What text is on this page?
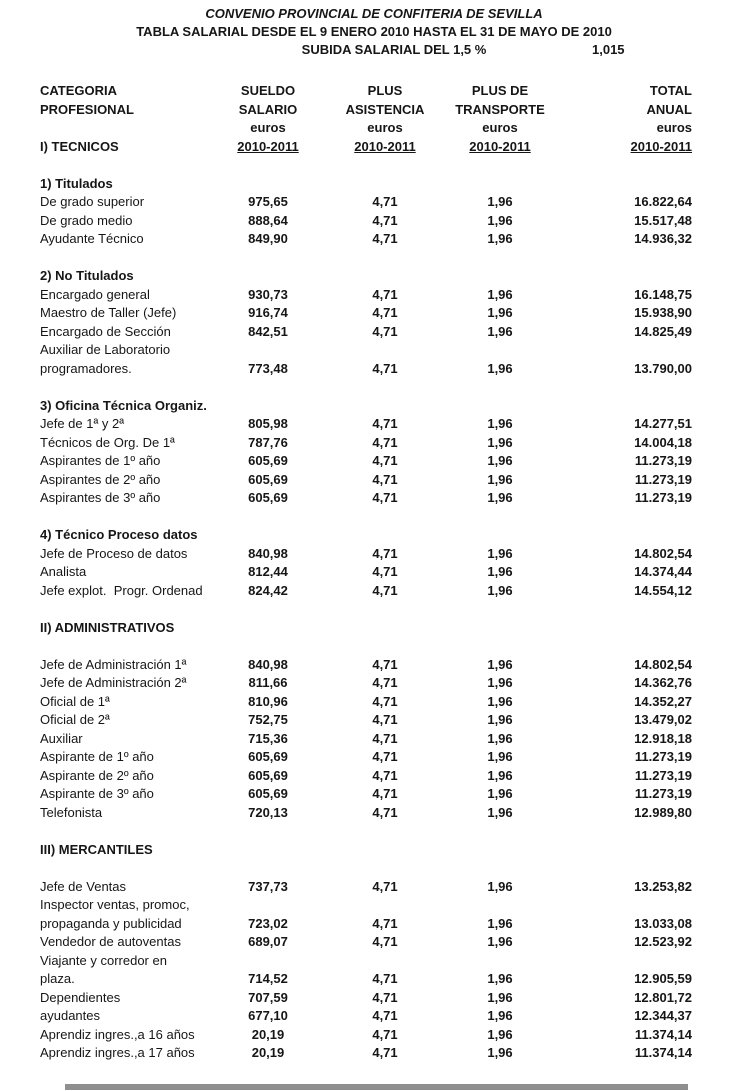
CONVENIO PROVINCIAL DE CONFITERIA DE SEVILLA
TABLA SALARIAL DESDE EL 9 ENERO 2010 HASTA EL 31 DE MAYO DE 2010
SUBIDA SALARIAL DEL 1,5 %	1,015
CATEGORIA	SUELDO	PLUS	PLUS DE	TOTAL
PROFESIONAL	SALARIO	ASISTENCIA	TRANSPORTE	ANUAL
euros	euros	euros	euros
I) TECNICOS	2010-2011	2010-2011	2010-2011	2010-2011
1) Titulados
De grado superior	975,65	4,71	1,96	16.822,64
De grado medio	888,64	4,71	1,96	15.517,48
Ayudante Técnico	849,90	4,71	1,96	14.936,32
2) No Titulados
Encargado general	930,73	4,71	1,96	16.148,75
Maestro de Taller (Jefe)	916,74	4,71	1,96	15.938,90
Encargado de Sección	842,51	4,71	1,96	14.825,49
Auxiliar de Laboratorio
programadores.	773,48	4,71	1,96	13.790,00
3) Oficina Técnica Organiz.
Jefe de 1ª y 2ª	805,98	4,71	1,96	14.277,51
Técnicos de Org. De 1ª	787,76	4,71	1,96	14.004,18
Aspirantes de 1º año	605,69	4,71	1,96	11.273,19
Aspirantes de 2º año	605,69	4,71	1,96	11.273,19
Aspirantes de 3º año	605,69	4,71	1,96	11.273,19
4) Técnico Proceso datos
Jefe de Proceso de datos	840,98	4,71	1,96	14.802,54
Analista	812,44	4,71	1,96	14.374,44
Jefe explot.  Progr. Ordenad	824,42	4,71	1,96	14.554,12
II) ADMINISTRATIVOS
Jefe de Administración 1ª	840,98	4,71	1,96	14.802,54
Jefe de Administración 2ª	811,66	4,71	1,96	14.362,76
Oficial de 1ª	810,96	4,71	1,96	14.352,27
Oficial de 2ª	752,75	4,71	1,96	13.479,02
Auxiliar	715,36	4,71	1,96	12.918,18
Aspirante de 1º año	605,69	4,71	1,96	11.273,19
Aspirante de 2º año	605,69	4,71	1,96	11.273,19
Aspirante de 3º año	605,69	4,71	1,96	11.273,19
Telefonista	720,13	4,71	1,96	12.989,80
III) MERCANTILES
Jefe de Ventas	737,73	4,71	1,96	13.253,82
Inspector ventas, promoc,
propaganda y publicidad	723,02	4,71	1,96	13.033,08
Vendedor de autoventas	689,07	4,71	1,96	12.523,92
Viajante y corredor en
plaza.	714,52	4,71	1,96	12.905,59
Dependientes	707,59	4,71	1,96	12.801,72
ayudantes	677,10	4,71	1,96	12.344,37
Aprendiz ingres.,a 16 años	20,19	4,71	1,96	11.374,14
Aprendiz ingres.,a 17 años	20,19	4,71	1,96	11.374,14
